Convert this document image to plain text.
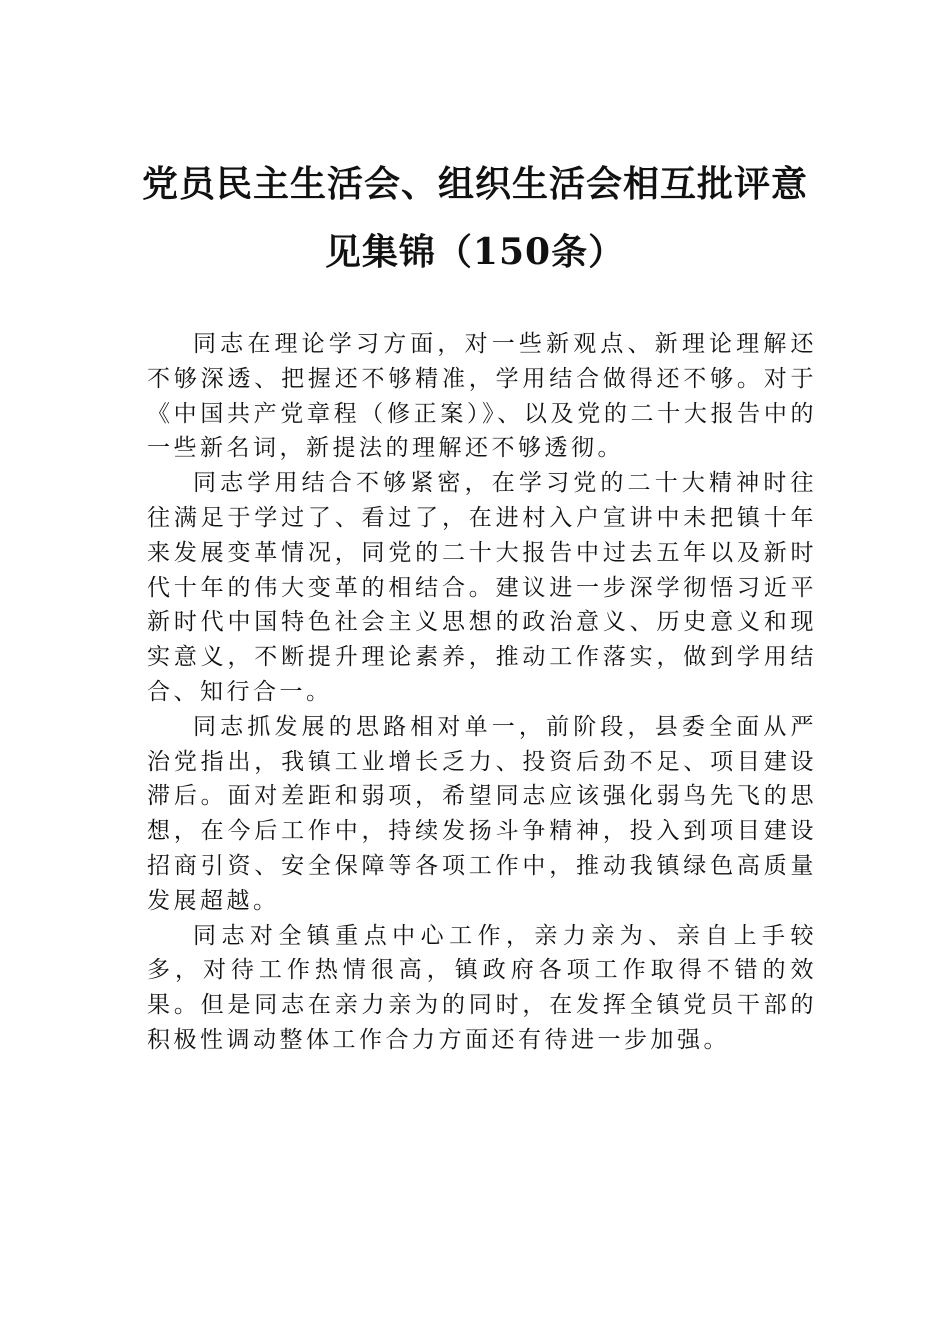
党员民主生活会、组织生活会相互批评意
见集锦（150条）

同志在理论学习方面，对一些新观点、新理论理解还不够深透、把握还不够精准，学用结合做得还不够。对于《中国共产党章程（修正案）》、以及党的二十大报告中的一些新名词，新提法的理解还不够透彻。

同志学用结合不够紧密，在学习党的二十大精神时往往满足于学过了、看过了，在进村入户宣讲中未把镇十年来发展变革情况，同党的二十大报告中过去五年以及新时代十年的伟大变革的相结合。建议进一步深学彻悟习近平新时代中国特色社会主义思想的政治意义、历史意义和现实意义，不断提升理论素养，推动工作落实，做到学用结合、知行合一。

同志抓发展的思路相对单一，前阶段，县委全面从严治党指出，我镇工业增长乏力、投资后劲不足、项目建设滞后。面对差距和弱项，希望同志应该强化弱鸟先飞的思想，在今后工作中，持续发扬斗争精神，投入到项目建设招商引资、安全保障等各项工作中，推动我镇绿色高质量发展超越。

同志对全镇重点中心工作，亲力亲为、亲自上手较多，对待工作热情很高，镇政府各项工作取得不错的效果。但是同志在亲力亲为的同时，在发挥全镇党员干部的积极性调动整体工作合力方面还有待进一步加强。
